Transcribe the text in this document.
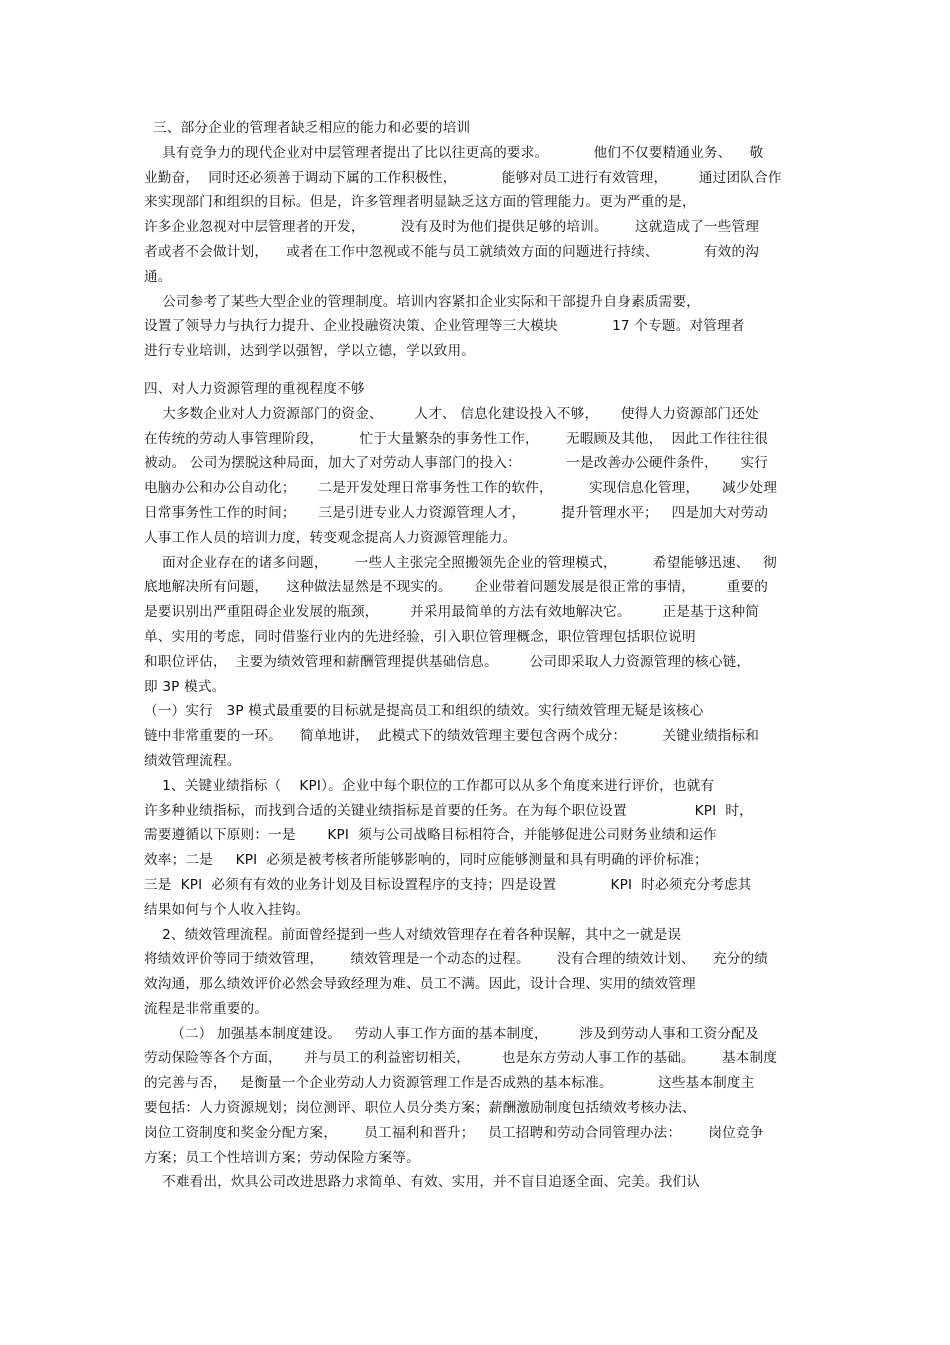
三、部分企业的管理者缺乏相应的能力和必要的培训
具有竞争力的现代企业对中层管理者提出了比以往更高的要求。          他们不仅要精通业务、    敬
业勤奋，  同时还必须善于调动下属的工作积极性，          能够对员工进行有效管理，       通过团队合作
来实现部门和组织的目标。但是，许多管理者明显缺乏这方面的管理能力。更为严重的是，
许多企业忽视对中层管理者的开发，        没有及时为他们提供足够的培训。      这就造成了一些管理
者或者不会做计划，    或者在工作中忽视或不能与员工就绩效方面的问题进行持续、          有效的沟
通。
公司参考了某些大型企业的管理制度。培训内容紧扣企业实际和干部提升自身素质需要，
设置了领导力与执行力提升、企业投融资决策、企业管理等三大模块            17 个专题。对管理者
进行专业培训，达到学以强智，学以立德，学以致用。
四、对人力资源管理的重视程度不够
大多数企业对人力资源部门的资金、       人才、 信息化建设投入不够，     使得人力资源部门还处
在传统的劳动人事管理阶段，        忙于大量繁杂的事务性工作，      无暇顾及其他，  因此工作往往很
被动。 公司为摆脱这种局面，加大了对劳动人事部门的投入：          一是改善办公硬件条件，     实行
电脑办公和办公自动化；     二是开发处理日常事务性工作的软件，        实现信息化管理，     减少处理
日常事务性工作的时间；     三是引进专业人力资源管理人才，        提升管理水平；   四是加大对劳动
人事工作人员的培训力度，转变观念提高人力资源管理能力。
面对企业存在的诸多问题，      一些人主张完全照搬领先企业的管理模式，        希望能够迅速、   彻
底地解决所有问题，    这种做法显然是不现实的。     企业带着问题发展是很正常的事情，       重要的
是要识别出严重阻碍企业发展的瓶颈，       并采用最简单的方法有效地解决它。       正是基于这种简
单、实用的考虑，同时借鉴行业内的先进经验，引入职位管理概念，职位管理包括职位说明
和职位评估，  主要为绩效管理和薪酬管理提供基础信息。       公司即采取人力资源管理的核心链，
即 3P 模式。
（一）实行   3P 模式最重要的目标就是提高员工和组织的绩效。实行绩效管理无疑是该核心
链中非常重要的一环。    简单地讲，  此模式下的绩效管理主要包含两个成分：        关键业绩指标和
绩效管理流程。
1、关键业绩指标（    KPI）。企业中每个职位的工作都可以从多个角度来进行评价，也就有
许多种业绩指标，而找到合适的关键业绩指标是首要的任务。在为每个职位设置               KPI  时，
需要遵循以下原则：一是       KPI  须与公司战略目标相符合，并能够促进公司财务业绩和运作
效率；二是     KPI  必须是被考核者所能够影响的，同时应能够测量和具有明确的评价标准；
三是  KPI  必须有有效的业务计划及目标设置程序的支持；四是设置            KPI  时必须充分考虑其
结果如何与个人收入挂钩。
2、绩效管理流程。前面曾经提到一些人对绩效管理存在着各种误解，其中之一就是误
将绩效评价等同于绩效管理，      绩效管理是一个动态的过程。      没有合理的绩效计划、    充分的绩
效沟通，那么绩效评价必然会导致经理为难、员工不满。因此，设计合理、实用的绩效管理
流程是非常重要的。
（二） 加强基本制度建设。   劳动人事工作方面的基本制度，       涉及到劳动人事和工资分配及
劳动保险等各个方面，     并与员工的利益密切相关，       也是东方劳动人事工作的基础。      基本制度
的完善与否，   是衡量一个企业劳动人力资源管理工作是否成熟的基本标准。          这些基本制度主
要包括：人力资源规划；岗位测评、职位人员分类方案；薪酬激励制度包括绩效考核办法、
岗位工资制度和奖金分配方案，      员工福利和晋升；   员工招聘和劳动合同管理办法：      岗位竞争
方案；员工个性培训方案；劳动保险方案等。
不难看出，炊具公司改进思路力求简单、有效、实用，并不盲目追逐全面、完美。我们认
